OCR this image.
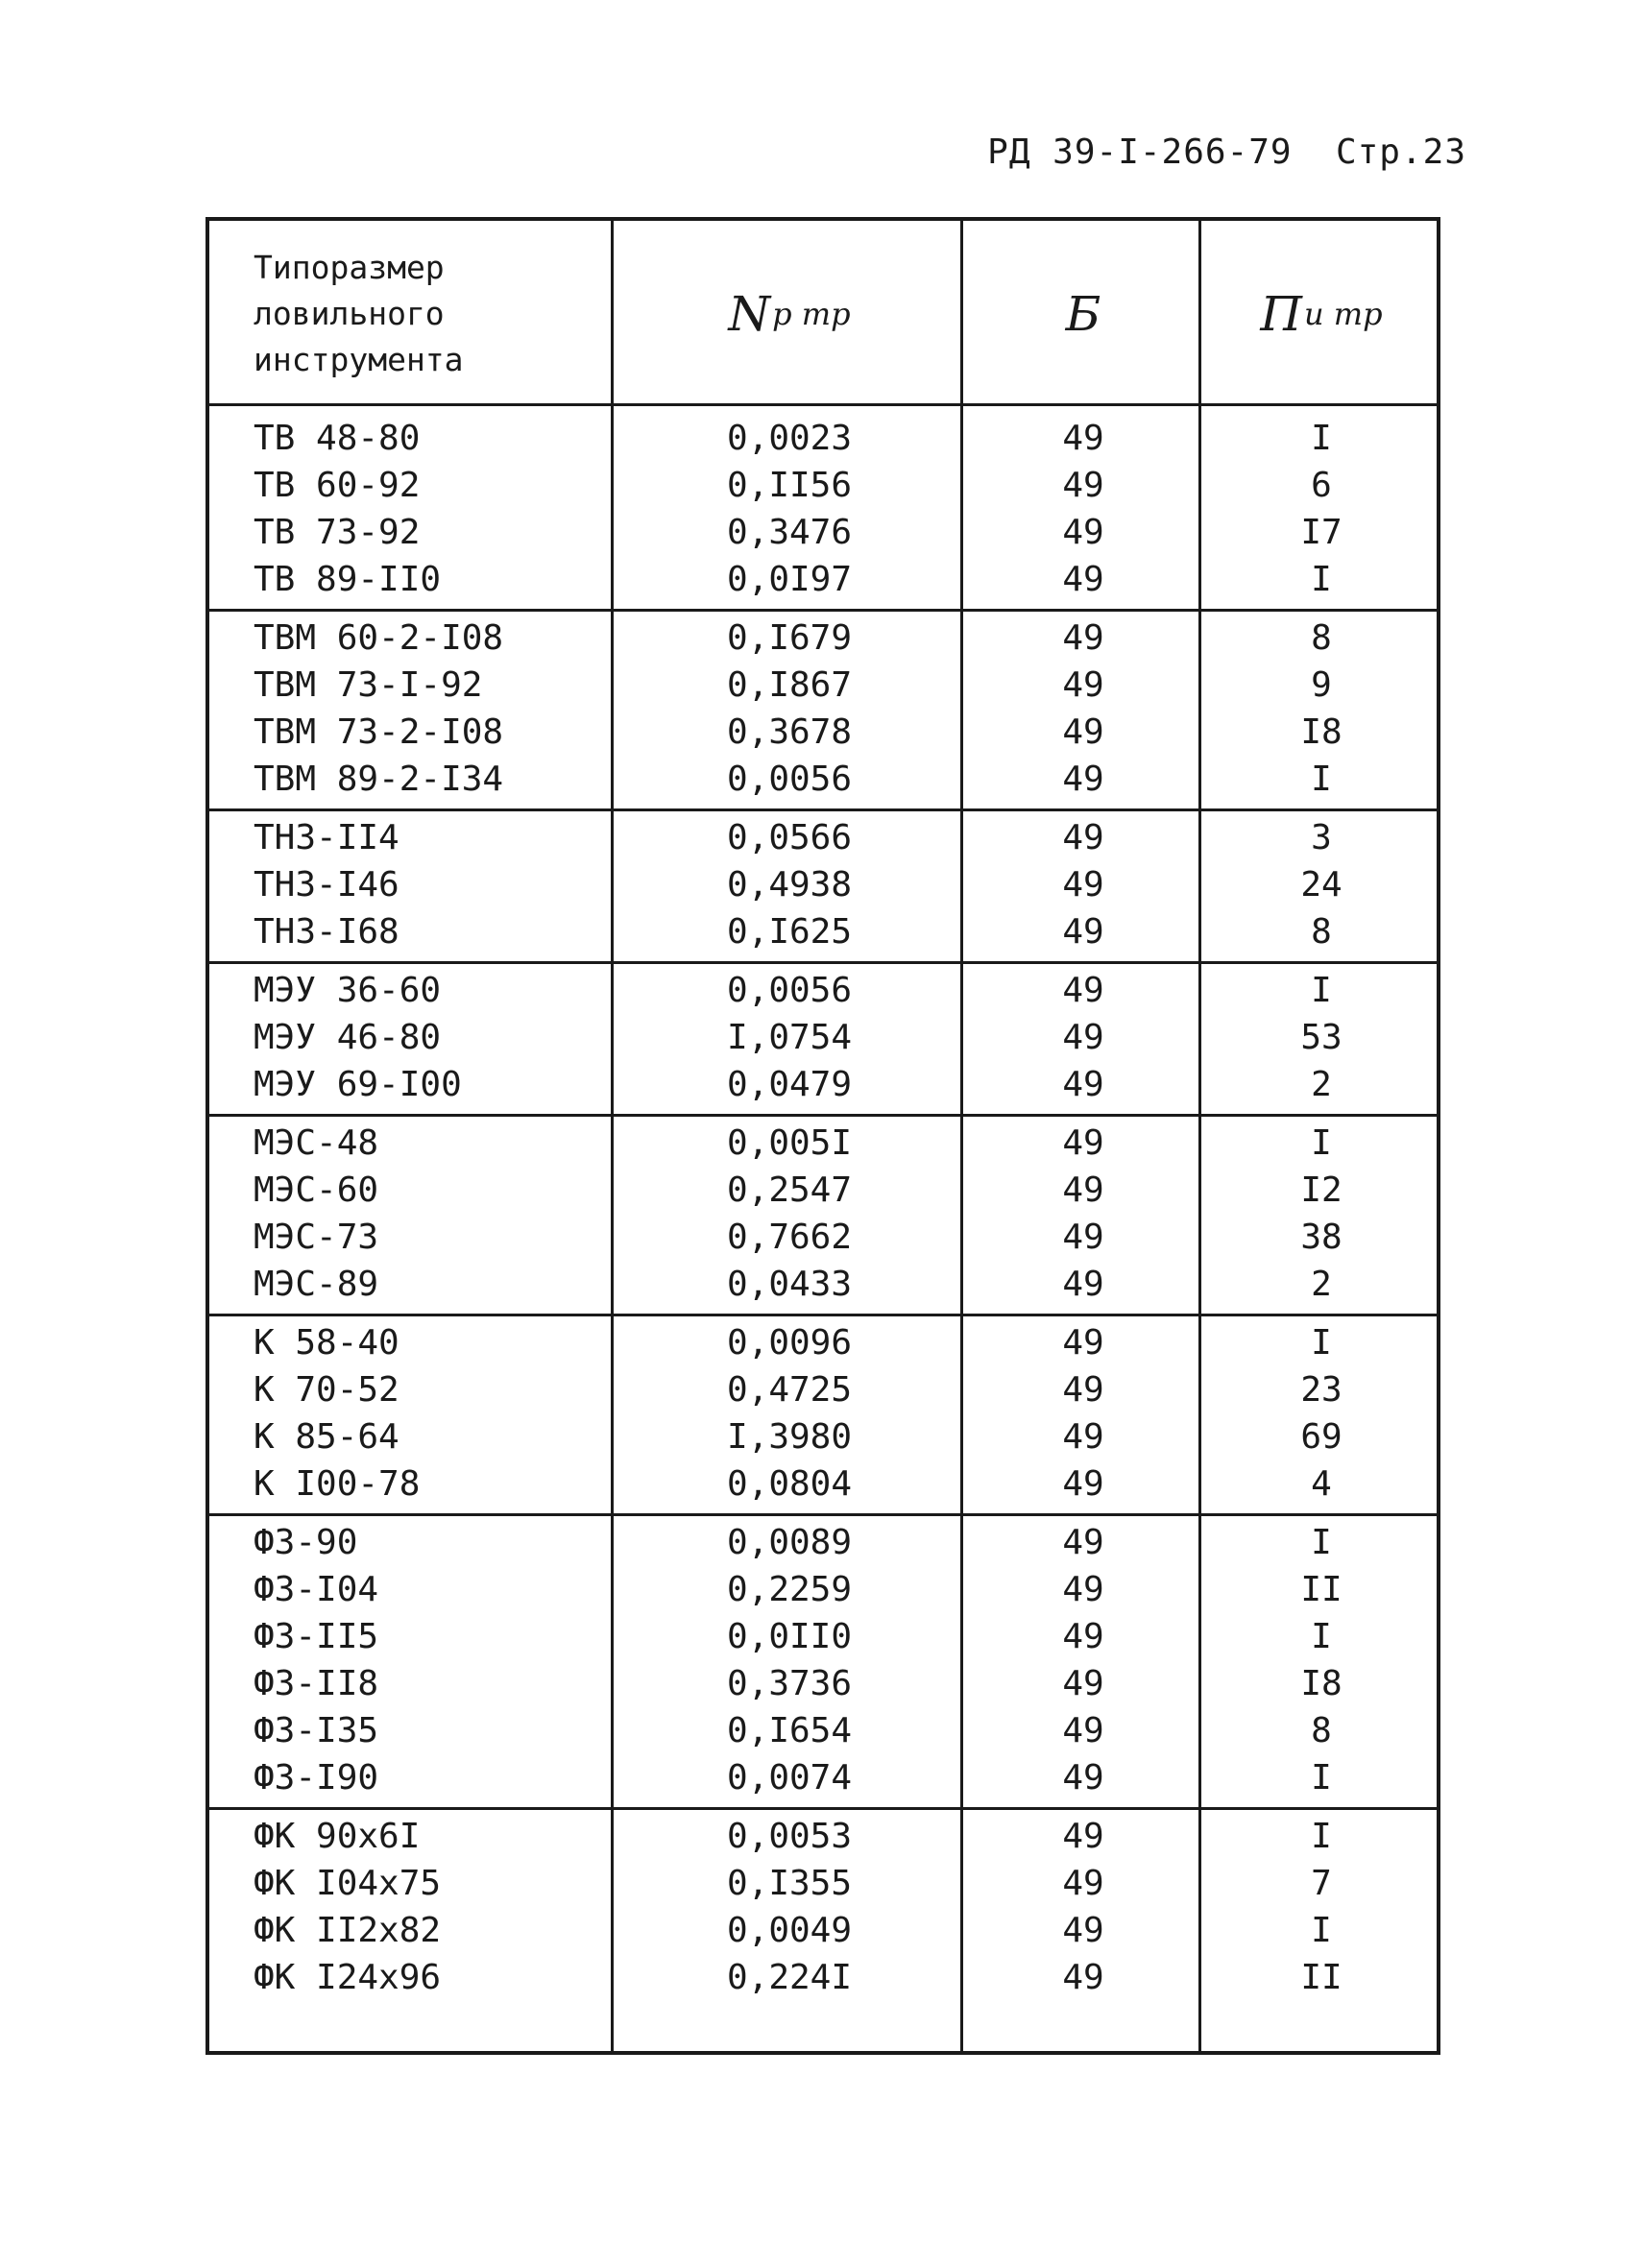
РД 39-I-266-79 Стр.23
Типоразмер
ловильного
инструмента
N р тр	Б	П и тр
ТВ 48-80	0,0023	49	I
ТВ 60-92	0,II56	49	6
ТВ 73-92	0,3476	49	I7
ТВ 89-II0	0,0I97	49	I
ТВМ 60-2-I08	0,I679	49	8
ТВМ 73-I-92	0,I867	49	9
ТВМ 73-2-I08	0,3678	49	I8
ТВМ 89-2-I34	0,0056	49	I
ТНЗ-II4	0,0566	49	3
ТНЗ-I46	0,4938	49	24
ТНЗ-I68	0,I625	49	8
МЭУ 36-60	0,0056	49	I
МЭУ 46-80	I,0754	49	53
МЭУ 69-I00	0,0479	49	2
МЭС-48	0,005I	49	I
МЭС-60	0,2547	49	I2
МЭС-73	0,7662	49	38
МЭС-89	0,0433	49	2
К 58-40	0,0096	49	I
К 70-52	0,4725	49	23
К 85-64	I,3980	49	69
К I00-78	0,0804	49	4
ФЗ-90	0,0089	49	I
ФЗ-I04	0,2259	49	II
ФЗ-II5	0,0II0	49	I
ФЗ-II8	0,3736	49	I8
ФЗ-I35	0,I654	49	8
ФЗ-I90	0,0074	49	I
ФК 90х6I	0,0053	49	I
ФК I04х75	0,I355	49	7
ФК II2х82	0,0049	49	I
ФК I24х96	0,224I	49	II
